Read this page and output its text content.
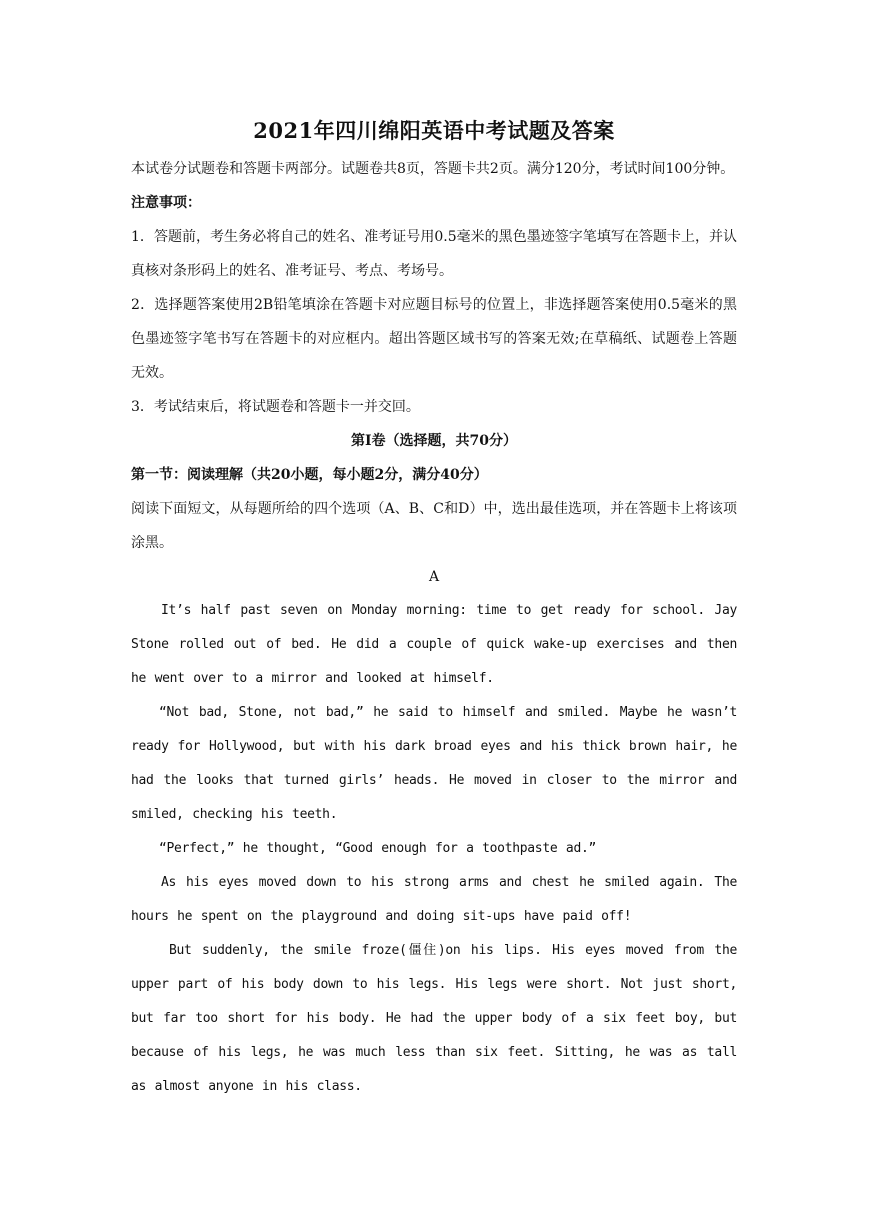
2021年四川绵阳英语中考试题及答案

本试卷分试题卷和答题卡两部分。试题卷共8页，答题卡共2页。满分120分，考试时间100分钟。

注意事项：

1．答题前，考生务必将自己的姓名、准考证号用0.5毫米的黑色墨迹签字笔填写在答题卡上，并认真核对条形码上的姓名、准考证号、考点、考场号。

2．选择题答案使用2B铅笔填涂在答题卡对应题目标号的位置上，非选择题答案使用0.5毫米的黑色墨迹签字笔书写在答题卡的对应框内。超出答题区域书写的答案无效;在草稿纸、试题卷上答题无效。

3．考试结束后，将试题卷和答题卡一并交回。

第Ⅰ卷（选择题，共70分）

第一节：阅读理解（共20小题，每小题2分，满分40分）

阅读下面短文，从每题所给的四个选项（A、B、C和D）中，选出最佳选项，并在答题卡上将该项涂黑。

A

It’s half past seven on Monday morning: time to get ready for school. Jay Stone rolled out of bed. He did a couple of quick wake-up exercises and then he went over to a mirror and looked at himself.

“Not bad, Stone, not bad,” he said to himself and smiled. Maybe he wasn’t ready for Hollywood, but with his dark broad eyes and his thick brown hair, he had the looks that turned girls’ heads. He moved in closer to the mirror and smiled, checking his teeth.

“Perfect,” he thought, “Good enough for a toothpaste ad.”

As his eyes moved down to his strong arms and chest he smiled again. The hours he spent on the playground and doing sit-ups have paid off!

But suddenly, the smile froze(僵住)on his lips. His eyes moved from the upper part of his body down to his legs. His legs were short. Not just short, but far too short for his body. He had the upper body of a six feet boy, but because of his legs, he was much less than six feet. Sitting, he was as tall as almost anyone in his class.
